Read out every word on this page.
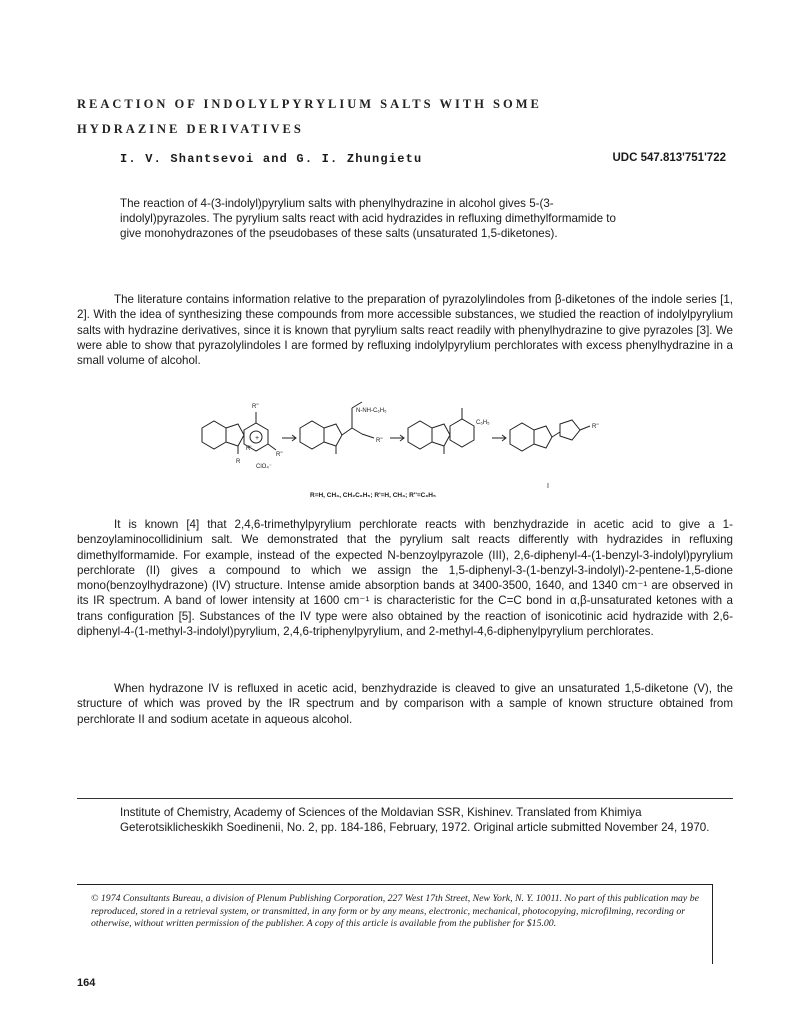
REACTION OF INDOLYLPYRYLIUM SALTS WITH SOME
HYDRAZINE DERIVATIVES
I. V. Shantsevoi and G. I. Zhungietu	UDC 547.813'751'722

The reaction of 4-(3-indolyl)pyrylium salts with phenylhydrazine in alcohol gives 5-(3-indolyl)pyrazoles. The pyrylium salts react with acid hydrazides in refluxing dimethylformamide to give monohydrazones of the pseudobases of these salts (unsaturated 1,5-diketones).

The literature contains information relative to the preparation of pyrazolylindoles from β-diketones of the indole series [1, 2]. With the idea of synthesizing these compounds from more accessible substances, we studied the reaction of indolylpyrylium salts with hydrazine derivatives, since it is known that pyrylium salts react readily with phenylhydrazine to give pyrazoles [3]. We were able to show that pyrazolylindoles I are formed by refluxing indolylpyrylium perchlorates with excess phenylhydrazine in a small volume of alcohol.

+
R''
R''
R'
R
ClO₄⁻
N-NH-C₆H₅
R''
C₆H₅
R''
I
R=H, CH₃, CH₂C₆H₅; R'=H, CH₃; R''=C₆H₅

It is known [4] that 2,4,6-trimethylpyrylium perchlorate reacts with benzhydrazide in acetic acid to give a 1-benzoylaminocollidinium salt. We demonstrated that the pyrylium salt reacts differently with hydrazides in refluxing dimethylformamide. For example, instead of the expected N-benzoylpyrazole (III), 2,6-diphenyl-4-(1-benzyl-3-indolyl)pyrylium perchlorate (II) gives a compound to which we assign the 1,5-diphenyl-3-(1-benzyl-3-indolyl)-2-pentene-1,5-dione mono(benzoylhydrazone) (IV) structure. Intense amide absorption bands at 3400-3500, 1640, and 1340 cm⁻¹ are observed in its IR spectrum. A band of lower intensity at 1600 cm⁻¹ is characteristic for the C=C bond in α,β-unsaturated ketones with a trans configuration [5]. Substances of the IV type were also obtained by the reaction of isonicotinic acid hydrazide with 2,6-diphenyl-4-(1-methyl-3-indolyl)pyrylium, 2,4,6-triphenylpyrylium, and 2-methyl-4,6-diphenylpyrylium perchlorates.

When hydrazone IV is refluxed in acetic acid, benzhydrazide is cleaved to give an unsaturated 1,5-diketone (V), the structure of which was proved by the IR spectrum and by comparison with a sample of known structure obtained from perchlorate II and sodium acetate in aqueous alcohol.

Institute of Chemistry, Academy of Sciences of the Moldavian SSR, Kishinev. Translated from Khimiya Geterotsiklicheskikh Soedinenii, No. 2, pp. 184-186, February, 1972. Original article submitted November 24, 1970.

© 1974 Consultants Bureau, a division of Plenum Publishing Corporation, 227 West 17th Street, New York, N. Y. 10011. No part of this publication may be reproduced, stored in a retrieval system, or transmitted, in any form or by any means, electronic, mechanical, photocopying, microfilming, recording or otherwise, without written permission of the publisher. A copy of this article is available from the publisher for $15.00.

164
